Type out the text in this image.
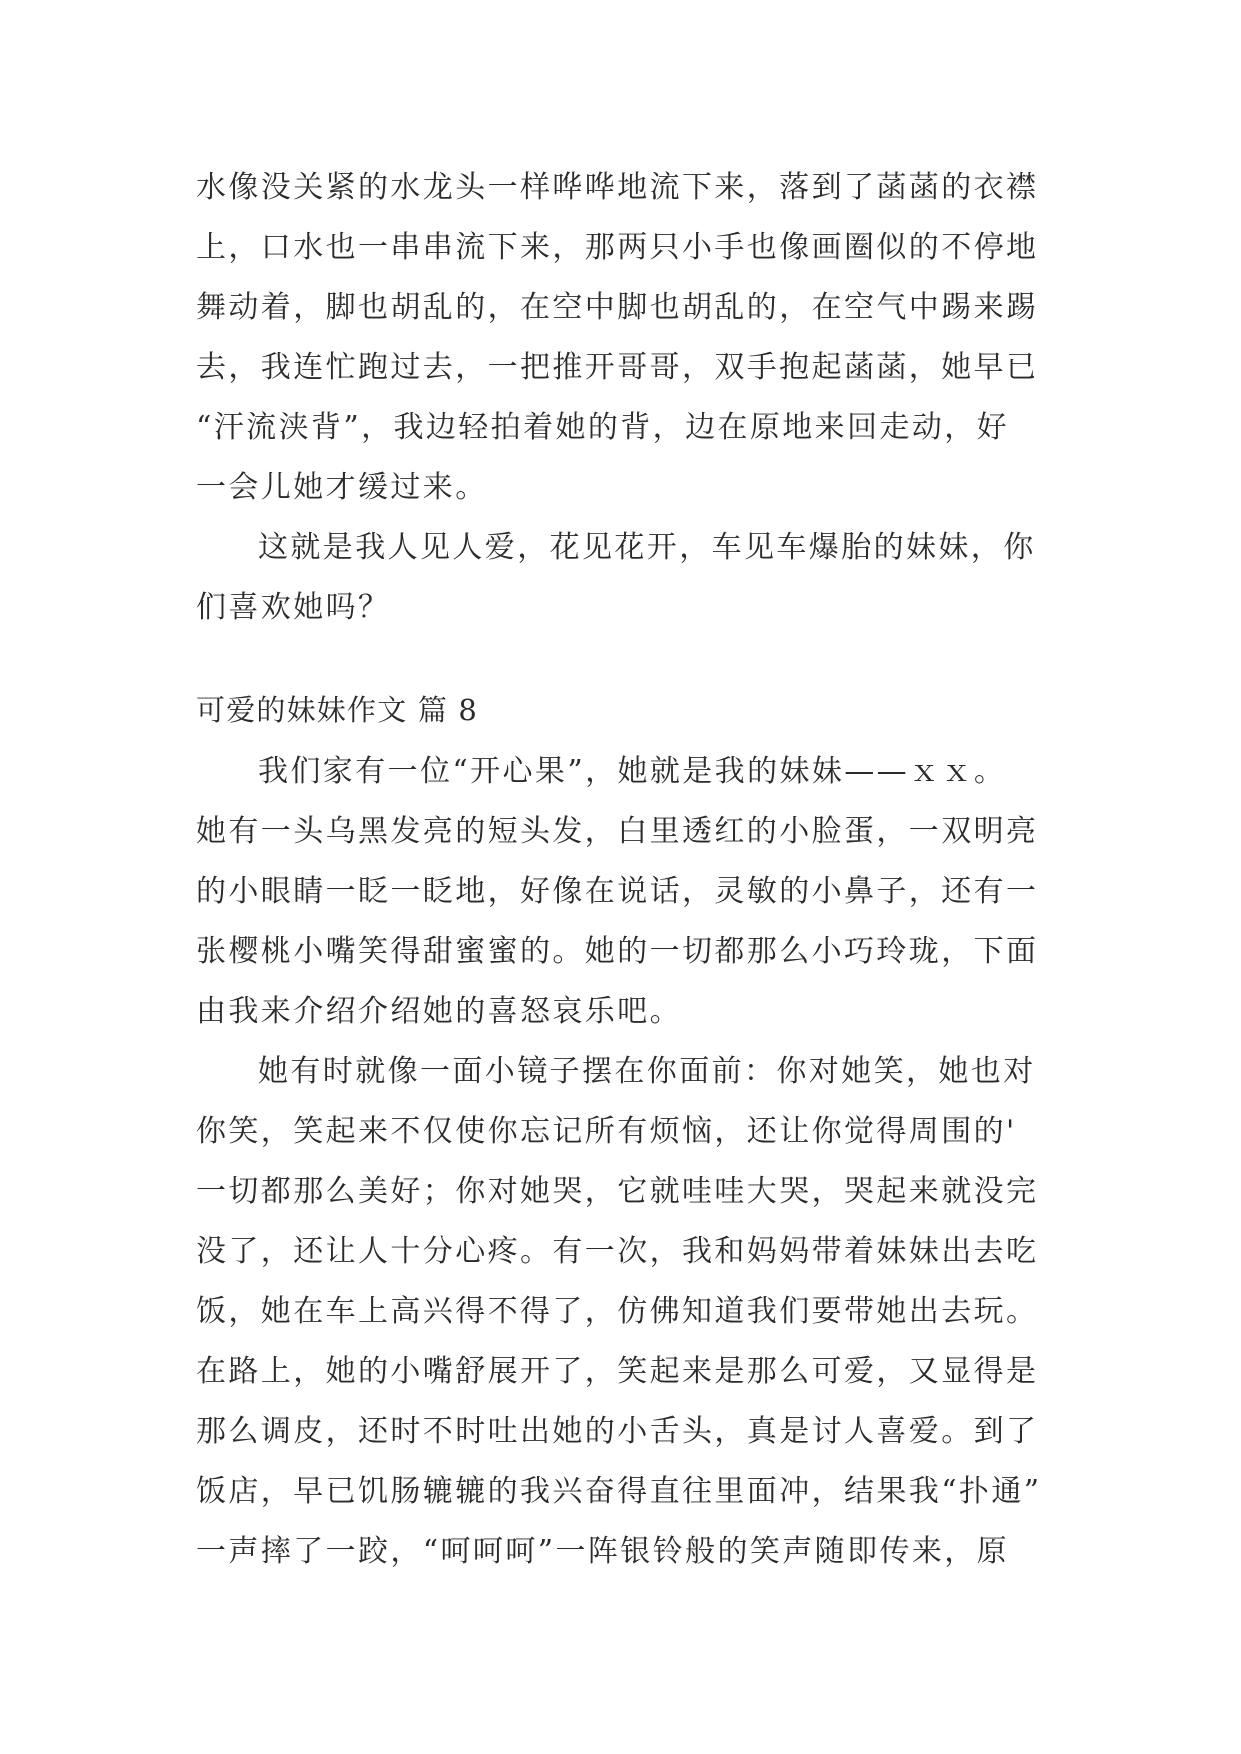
水像没关紧的水龙头一样哗哗地流下来，落到了菡菡的衣襟
上，口水也一串串流下来，那两只小手也像画圈似的不停地
舞动着，脚也胡乱的，在空中脚也胡乱的，在空气中踢来踢
去，我连忙跑过去，一把推开哥哥，双手抱起菡菡，她早已
“汗流浃背”，我边轻拍着她的背，边在原地来回走动，好
一会儿她才缓过来。
这就是我人见人爱，花见花开，车见车爆胎的妹妹，你
们喜欢她吗？
可爱的妹妹作文 篇 8
我们家有一位“开心果”，她就是我的妹妹——ｘｘ。
她有一头乌黑发亮的短头发，白里透红的小脸蛋，一双明亮
的小眼睛一眨一眨地，好像在说话，灵敏的小鼻子，还有一
张樱桃小嘴笑得甜蜜蜜的。她的一切都那么小巧玲珑，下面
由我来介绍介绍她的喜怒哀乐吧。
她有时就像一面小镜子摆在你面前：你对她笑，她也对
你笑，笑起来不仅使你忘记所有烦恼，还让你觉得周围的'
一切都那么美好；你对她哭，它就哇哇大哭，哭起来就没完
没了，还让人十分心疼。有一次，我和妈妈带着妹妹出去吃
饭，她在车上高兴得不得了，仿佛知道我们要带她出去玩。
在路上，她的小嘴舒展开了，笑起来是那么可爱，又显得是
那么调皮，还时不时吐出她的小舌头，真是讨人喜爱。到了
饭店，早已饥肠辘辘的我兴奋得直往里面冲，结果我“扑通”
一声摔了一跤，“呵呵呵”一阵银铃般的笑声随即传来，原
